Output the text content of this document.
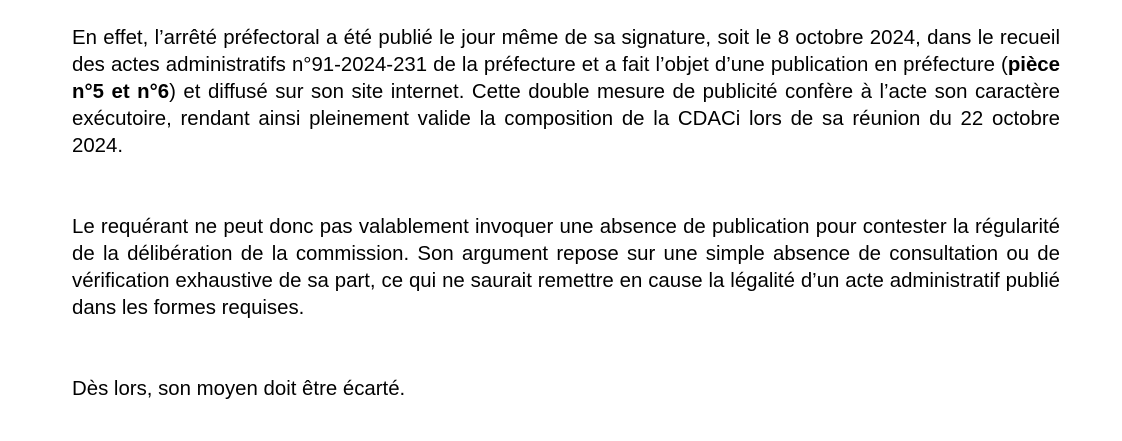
En effet, l’arrêté préfectoral a été publié le jour même de sa signature, soit le 8 octobre 2024, dans le recueil des actes administratifs n°91-2024-231 de la préfecture et a fait l’objet d’une publication en préfecture (pièce n°5 et n°6) et diffusé sur son site internet. Cette double mesure de publicité confère à l’acte son caractère exécutoire, rendant ainsi pleinement valide la composition de la CDACi lors de sa réunion du 22 octobre 2024.

Le requérant ne peut donc pas valablement invoquer une absence de publication pour contester la régularité de la délibération de la commission. Son argument repose sur une simple absence de consultation ou de vérification exhaustive de sa part, ce qui ne saurait remettre en cause la légalité d’un acte administratif publié dans les formes requises.

Dès lors, son moyen doit être écarté.
